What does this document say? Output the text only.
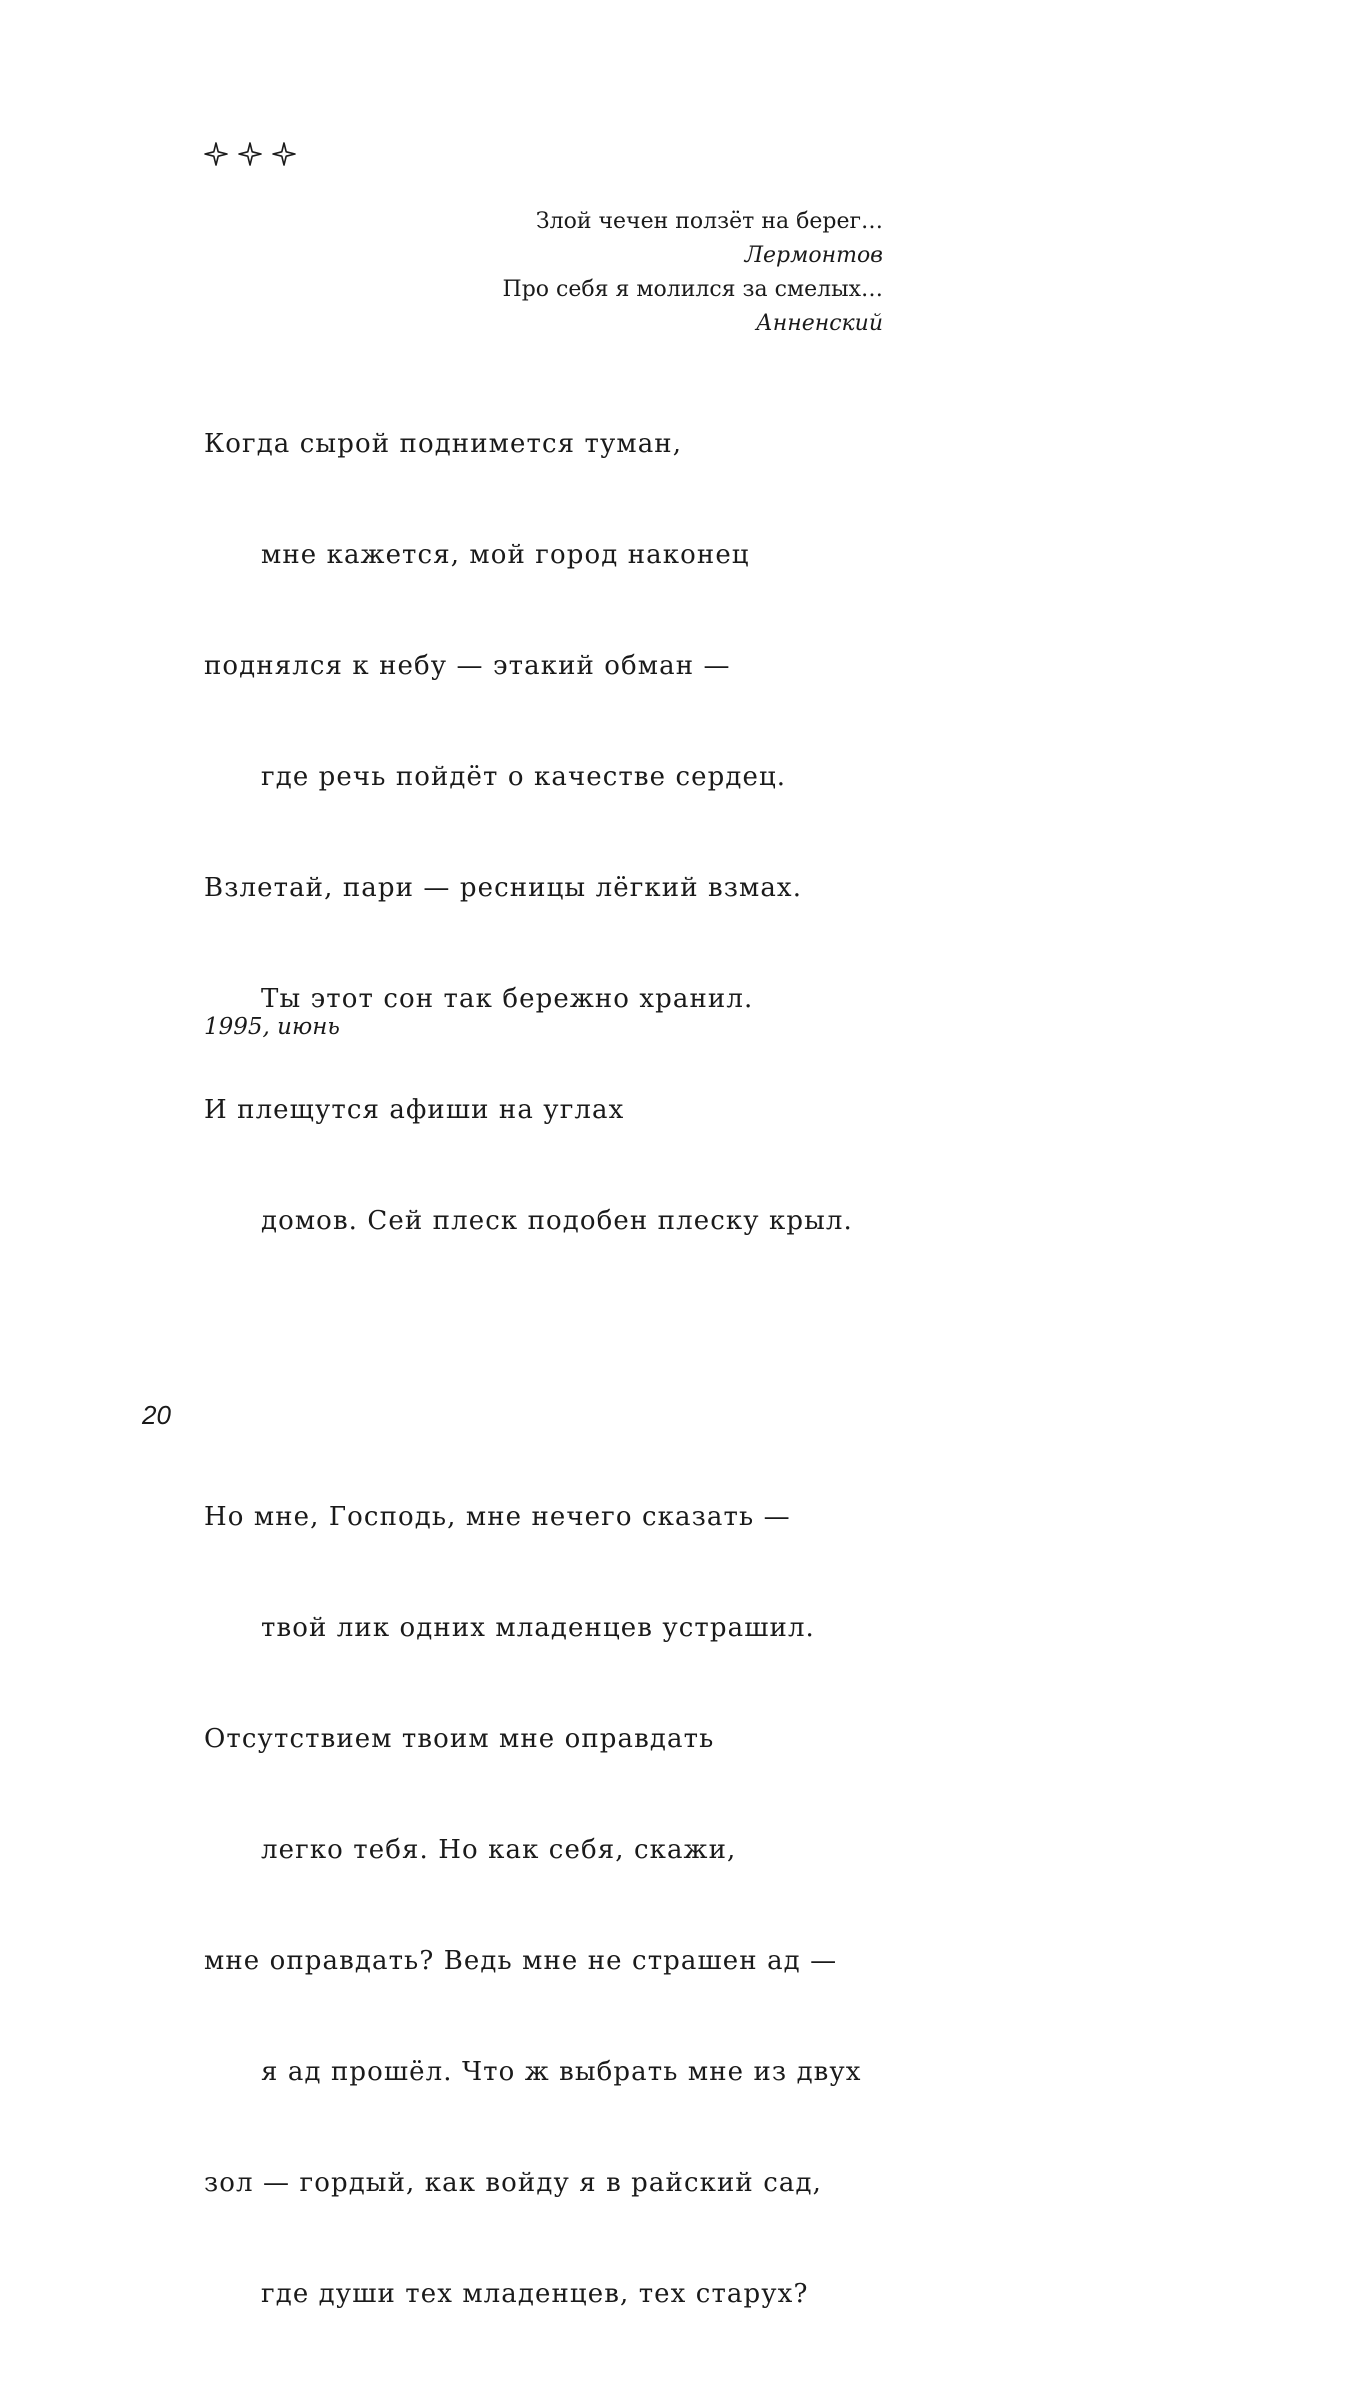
Злой чечен ползёт на берег…
Лермонтов
Про себя я молился за смелых…
Анненский

Когда сырой поднимется туман,

мне кажется, мой город наконец

поднялся к небу — этакий обман —

где речь пойдёт о качестве сердец.

Взлетай, пари — ресницы лёгкий взмах.

Ты этот сон так бережно хранил.

И плещутся афиши на углах

домов. Сей плеск подобен плеску крыл.

Но мне, Господь, мне нечего сказать —

твой лик одних младенцев устрашил.

Отсутствием твоим мне оправдать

легко тебя. Но как себя, скажи,

мне оправдать? Ведь мне не страшен ад —

я ад прошёл. Что ж выбрать мне из двух

зол — гордый, как войду я в райский сад,

где души тех младенцев, тех старух?

1995, июнь
20
